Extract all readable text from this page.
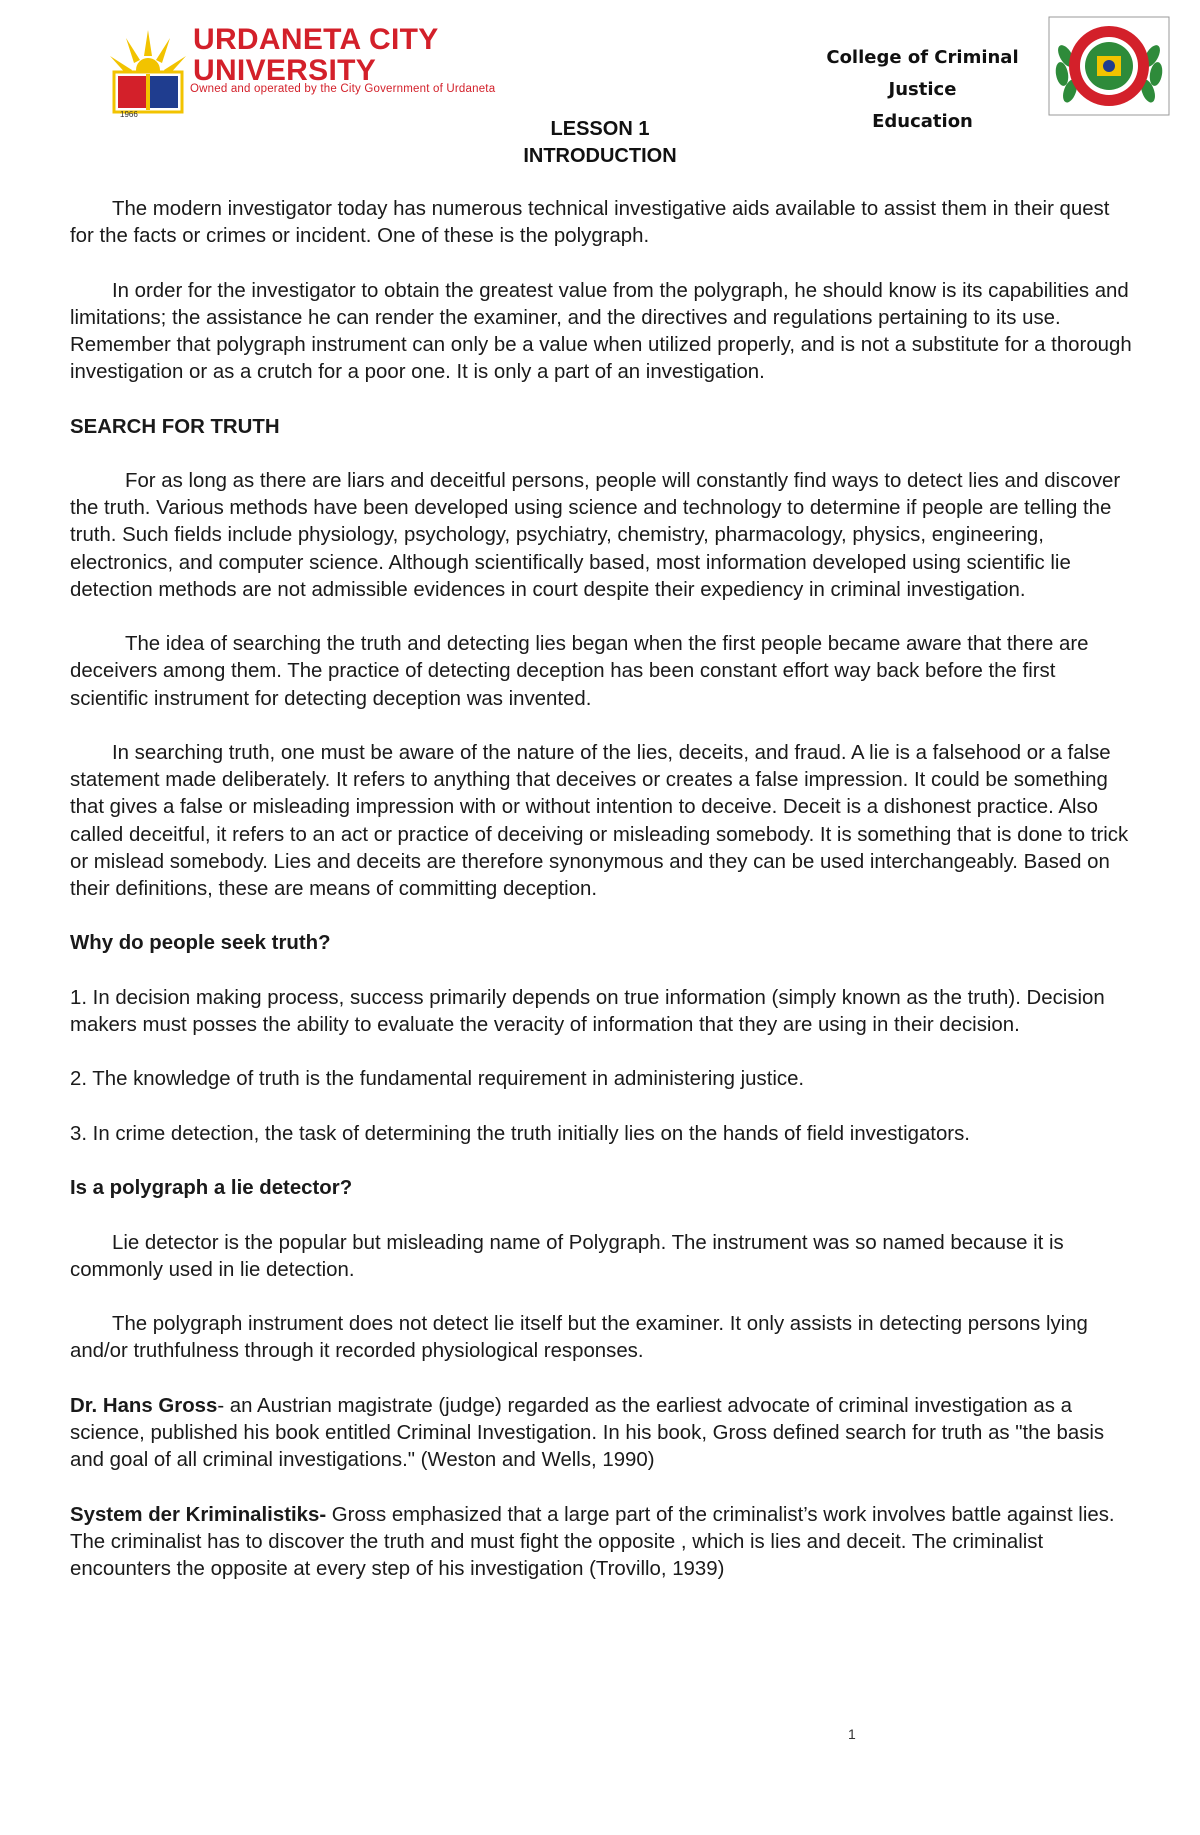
1966
URDANETA CITY
UNIVERSITY
Owned and operated by the City Government of Urdaneta
College of Criminal Justice
Education
LESSON 1
INTRODUCTION

The modern investigator today has numerous technical investigative aids available to assist them in their quest for the facts or crimes or incident. One of these is the polygraph.

In order for the investigator to obtain the greatest value from the polygraph, he should know is its capabilities and limitations; the assistance he can render the examiner, and the directives and regulations pertaining to its use. Remember that polygraph instrument can only be a value when utilized properly, and is not a substitute for a thorough investigation or as a crutch for a poor one. It is only a part of an investigation.

SEARCH FOR TRUTH

For as long as there are liars and deceitful persons, people will constantly find ways to detect lies and discover the truth. Various methods have been developed using science and technology to determine if people are telling the truth. Such fields include physiology, psychology, psychiatry, chemistry, pharmacology, physics, engineering, electronics, and computer science. Although scientifically based, most information developed using scientific lie detection methods are not admissible evidences in court despite their expediency in criminal investigation.

The idea of searching the truth and detecting lies began when the first people became aware that there are deceivers among them. The practice of detecting deception has been constant effort way back before the first scientific instrument for detecting deception was invented.

In searching truth, one must be aware of the nature of the lies, deceits, and fraud. A lie is a falsehood or a false statement made deliberately. It refers to anything that deceives or creates a false impression. It could be something that gives a false or misleading impression with or without intention to deceive. Deceit is a dishonest practice. Also called deceitful, it refers to an act or practice of deceiving or misleading somebody. It is something that is done to trick or mislead somebody. Lies and deceits are therefore synonymous and they can be used interchangeably. Based on their definitions, these are means of committing deception.

Why do people seek truth?

1. In decision making process, success primarily depends on true information (simply known as the truth). Decision makers must posses the ability to evaluate the veracity of information that they are using in their decision.

2. The knowledge of truth is the fundamental requirement in administering justice.

3. In crime detection, the task of determining the truth initially lies on the hands of field investigators.

Is a polygraph a lie detector?

Lie detector is the popular but misleading name of Polygraph. The instrument was so named because it is commonly used in lie detection.

The polygraph instrument does not detect lie itself but the examiner. It only assists in detecting persons lying and/or truthfulness through it recorded physiological responses.

Dr. Hans Gross- an Austrian magistrate (judge) regarded as the earliest advocate of criminal investigation as a science, published his book entitled Criminal Investigation. In his book, Gross defined search for truth as "the basis and goal of all criminal investigations." (Weston and Wells, 1990)

System der Kriminalistiks- Gross emphasized that a large part of the criminalist’s work involves battle against lies. The criminalist has to discover the truth and must fight the opposite , which is lies and deceit. The criminalist encounters the opposite at every step of his investigation (Trovillo, 1939)

1
